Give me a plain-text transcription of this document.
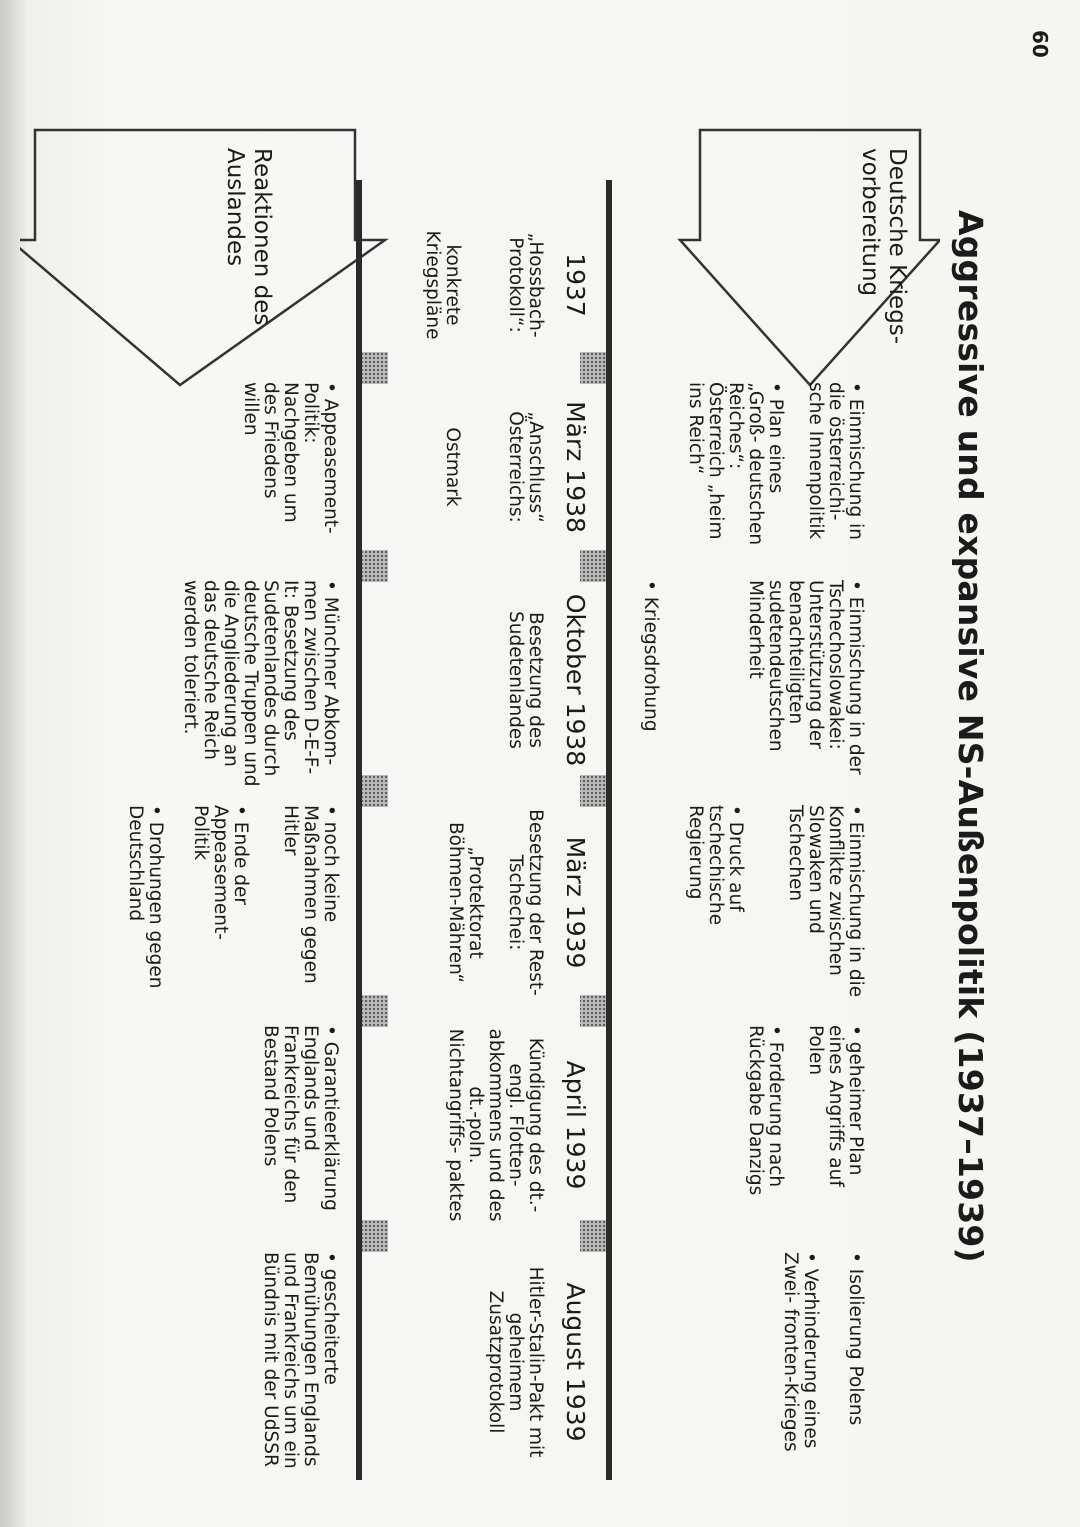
60
Aggressive und expansive NS-Außenpolitik (1937–1939)
Deutsche Kriegs- vorbereitung
Reaktionen des Auslandes
1937
„Hossbach- Protokoll“:
konkrete Kriegspläne
• Einmischung in die österreichi- sche Innenpolitik
• Plan eines „Groß- deutschen Reiches“: Österreich „heim ins Reich“
März 1938
„Anschluss“ Österreichs:
Ostmark
• Appeasement- Politik: Nachgeben um des Friedens willen
• Einmischung in der Tschechoslowakei: Unterstützung der benachteiligten sudetendeutschen Minderheit
• Kriegsdrohung
Oktober 1938
Besetzung des Sudetenlandes
• Münchner Abkom- men zwischen D-E-F-It: Besetzung des Sudetenlandes durch deutsche Truppen und die Angliederung an das deutsche Reich werden toleriert.
• Einmischung in die Konflikte zwischen Slowaken und Tschechen
• Druck auf tschechische Regierung
März 1939
Besetzung der Rest-Tschechei:
„Protektorat Böhmen-Mähren“
• noch keine Maßnahmen gegen Hitler
• Ende der Appeasement- Politik
• Drohungen gegen Deutschland
• geheimer Plan eines Angriffs auf Polen
• Forderung nach Rückgabe Danzigs
April 1939
Kündigung des dt.-engl. Flotten- abkommens und des dt.-poln. Nichtangriffs- paktes
• Garantieerklärung Englands und Frankreichs für den Bestand Polens
• Isolierung Polens
• Verhinderung eines Zwei- fronten-Krieges
August 1939
Hitler-Stalin-Pakt mit geheimem Zusatzprotokoll
• gescheiterte Bemühungen Englands und Frankreichs um ein Bündnis mit der UdSSR
